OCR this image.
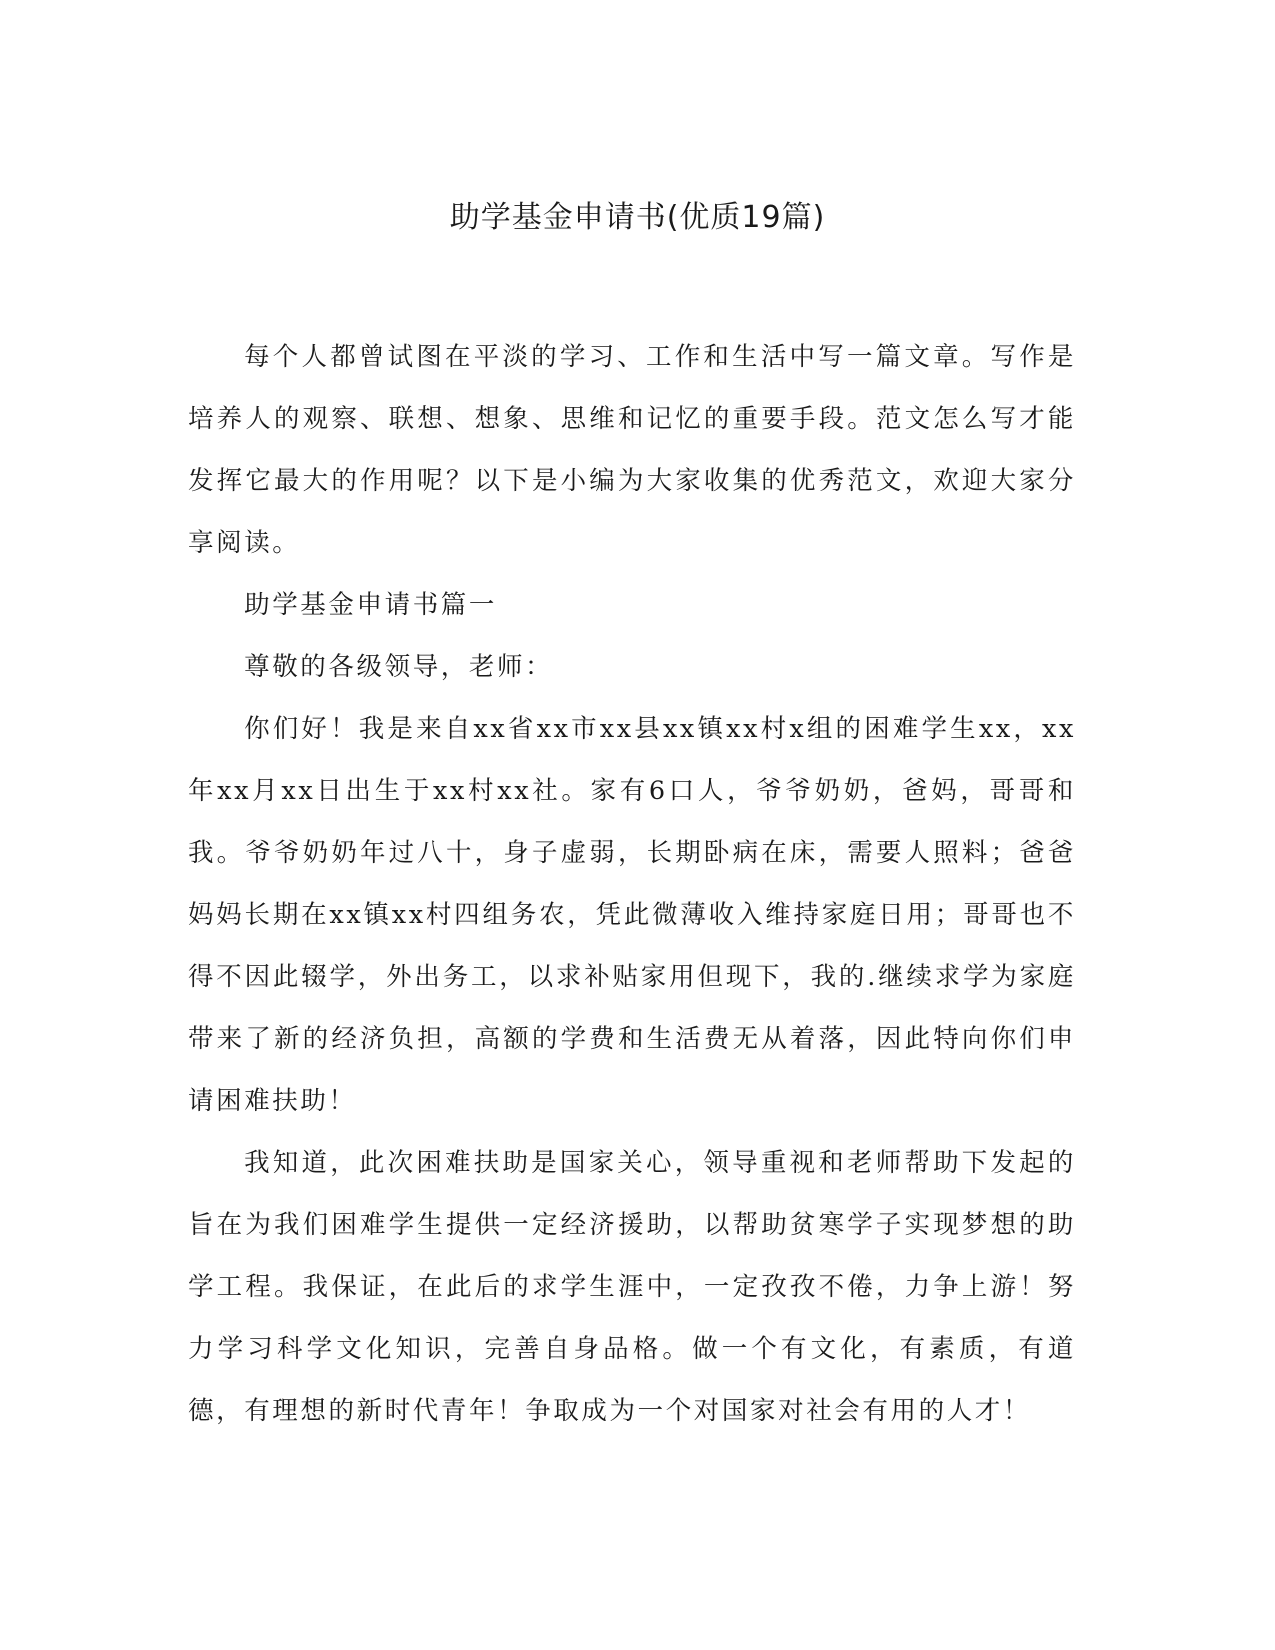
助学基金申请书(优质19篇)

每个人都曾试图在平淡的学习、工作和生活中写一篇文章。写作是培养人的观察、联想、想象、思维和记忆的重要手段。范文怎么写才能发挥它最大的作用呢？以下是小编为大家收集的优秀范文，欢迎大家分享阅读。

助学基金申请书篇一

尊敬的各级领导，老师：

你们好！我是来自xx省xx市xx县xx镇xx村x组的困难学生xx，xx年xx月xx日出生于xx村xx社。家有6口人，爷爷奶奶，爸妈，哥哥和我。爷爷奶奶年过八十，身子虚弱，长期卧病在床，需要人照料；爸爸妈妈长期在xx镇xx村四组务农，凭此微薄收入维持家庭日用；哥哥也不得不因此辍学，外出务工，以求补贴家用但现下，我的.继续求学为家庭带来了新的经济负担，高额的学费和生活费无从着落，因此特向你们申请困难扶助！

我知道，此次困难扶助是国家关心，领导重视和老师帮助下发起的旨在为我们困难学生提供一定经济援助，以帮助贫寒学子实现梦想的助学工程。我保证，在此后的求学生涯中，一定孜孜不倦，力争上游！努力学习科学文化知识，完善自身品格。做一个有文化，有素质，有道德，有理想的新时代青年！争取成为一个对国家对社会有用的人才！
